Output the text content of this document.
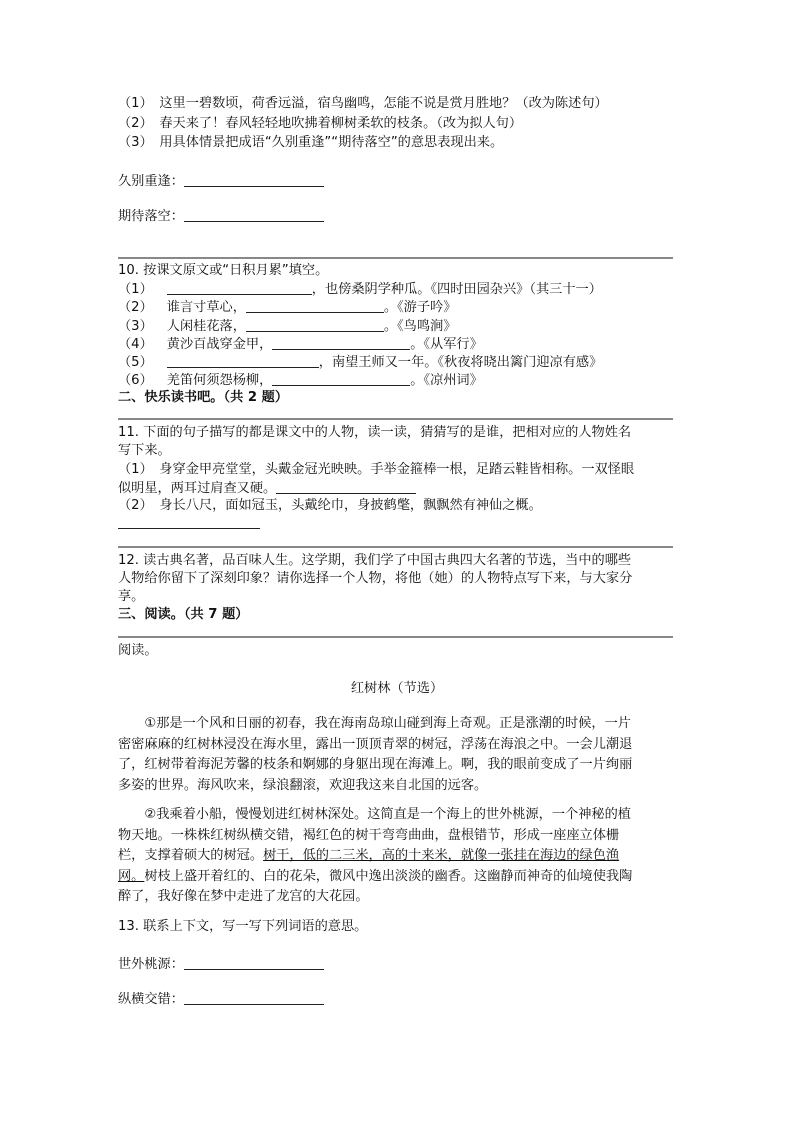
（1）　这里一碧数顷，荷香远溢，宿鸟幽鸣，怎能不说是赏月胜地？（改为陈述句）
（2）　春天来了！春风轻轻地吹拂着柳树柔软的枝条。（改为拟人句）
（3）　用具体情景把成语“久别重逢”“期待落空”的意思表现出来。
久别重逢：
期待落空：
10. 按课文原文或“日积月累”填空。
（1）	，也傍桑阴学种瓜。《四时田园杂兴》（其三十一）
（2） 谁言寸草心，	。《游子吟》
（3） 人闲桂花落，	。《鸟鸣涧》
（4） 黄沙百战穿金甲，	。《从军行》
（5）	，南望王师又一年。《秋夜将晓出篱门迎凉有感》
（6） 羌笛何须怨杨柳，	。《凉州词》
二、快乐读书吧。（共 2 题）
11. 下面的句子描写的都是课文中的人物，读一读，猜猜写的是谁，把相对应的人物姓名
写下来。
（1）　身穿金甲亮堂堂，头戴金冠光映映。手举金箍棒一根，足踏云鞋皆相称。一双怪眼
似明星，两耳过肩查又硬。
（2）　身长八尺，面如冠玉，头戴纶巾，身披鹤氅，飘飘然有神仙之概。
12. 读古典名著，品百味人生。这学期，我们学了中国古典四大名著的节选，当中的哪些
人物给你留下了深刻印象？请你选择一个人物，将他（她）的人物特点写下来，与大家分
享。
三、阅读。（共 7 题）
阅读。
红树林（节选）
　　①那是一个风和日丽的初春，我在海南岛琼山碰到海上奇观。正是涨潮的时候，一片
密密麻麻的红树林浸没在海水里，露出一顶顶青翠的树冠，浮荡在海浪之中。一会儿潮退
了，红树带着海泥芳馨的枝条和婀娜的身躯出现在海滩上。啊，我的眼前变成了一片绚丽
多姿的世界。海风吹来，绿浪翻滚，欢迎我这来自北国的远客。
　　②我乘着小船，慢慢划进红树林深处。这简直是一个海上的世外桃源，一个神秘的植
物天地。一株株红树纵横交错，褐红色的树干弯弯曲曲，盘根错节，形成一座座立体栅
栏，支撑着硕大的树冠。树干，低的二三米，高的十来米，就像一张挂在海边的绿色渔
网。树枝上盛开着红的、白的花朵，微风中逸出淡淡的幽香。这幽静而神奇的仙境使我陶
醉了，我好像在梦中走进了龙宫的大花园。
13. 联系上下文，写一写下列词语的意思。
世外桃源：
纵横交错：
